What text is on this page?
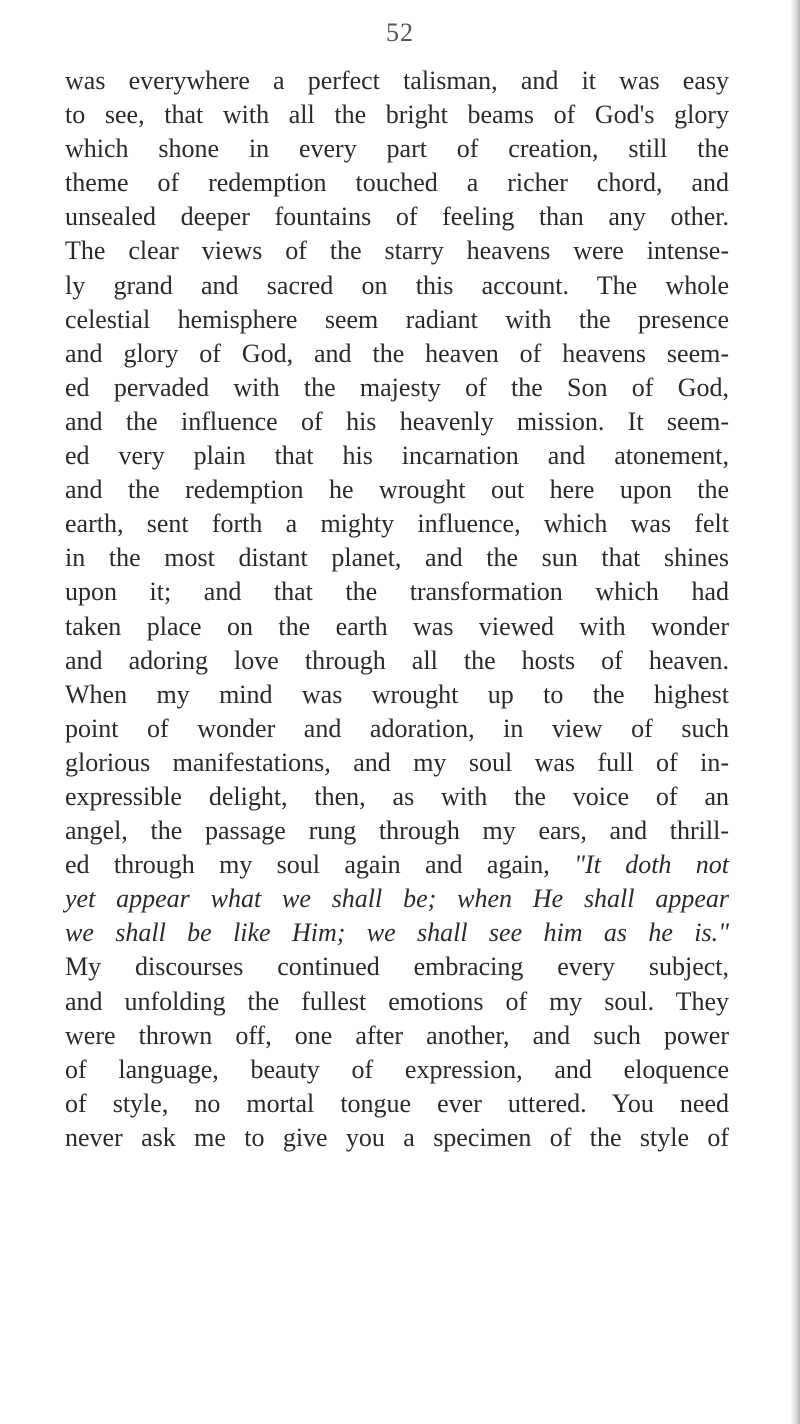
52
was everywhere a perfect talisman, and it was easy
to see, that with all the bright beams of God's glory
which shone in every part of creation, still the
theme of redemption touched a richer chord, and
unsealed deeper fountains of feeling than any other.
The clear views of the starry heavens were intense-
ly grand and sacred on this account. The whole
celestial hemisphere seem radiant with the presence
and glory of God, and the heaven of heavens seem-
ed pervaded with the majesty of the Son of God,
and the influence of his heavenly mission. It seem-
ed very plain that his incarnation and atonement,
and the redemption he wrought out here upon the
earth, sent forth a mighty influence, which was felt
in the most distant planet, and the sun that shines
upon it; and that the transformation which had
taken place on the earth was viewed with wonder
and adoring love through all the hosts of heaven.
When my mind was wrought up to the highest
point of wonder and adoration, in view of such
glorious manifestations, and my soul was full of in-
expressible delight, then, as with the voice of an
angel, the passage rung through my ears, and thrill-
ed through my soul again and again, "It doth not
yet appear what we shall be; when He shall appear
we shall be like Him; we shall see him as he is."
My discourses continued embracing every subject,
and unfolding the fullest emotions of my soul. They
were thrown off, one after another, and such power
of language, beauty of expression, and eloquence
of style, no mortal tongue ever uttered. You need
never ask me to give you a specimen of the style of
